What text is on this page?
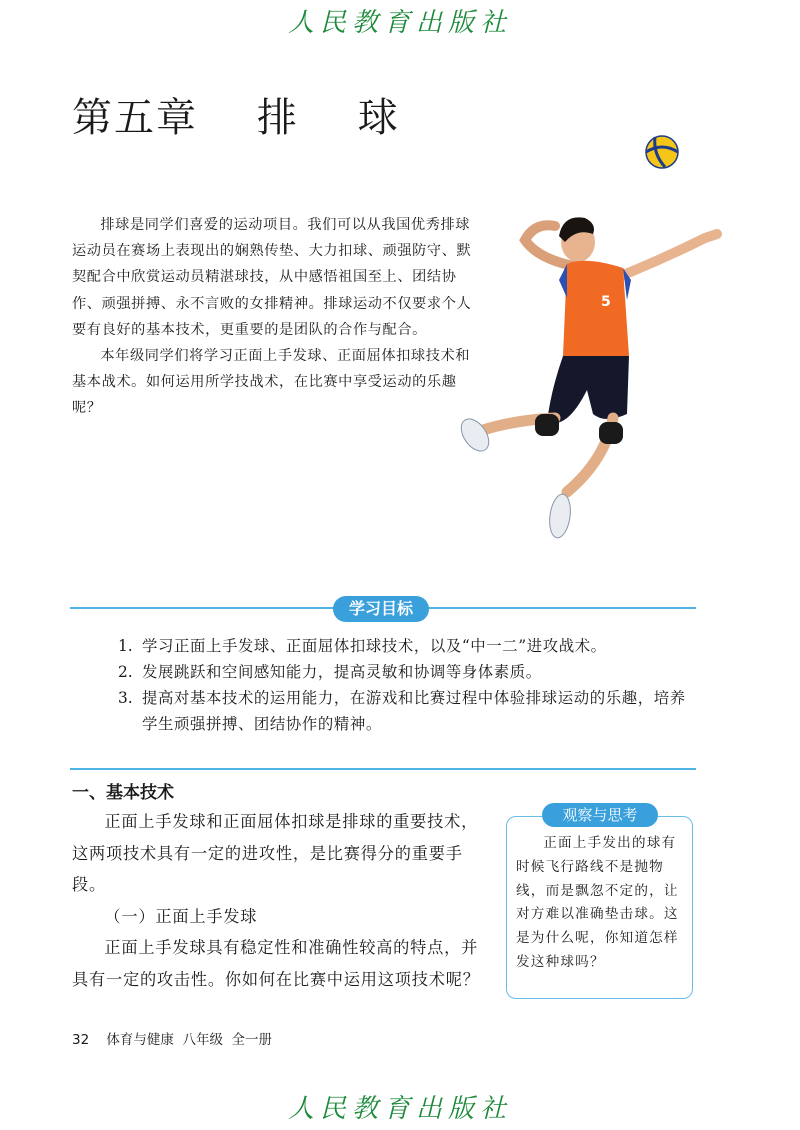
人民教育出版社
第五章    排    球

排球是同学们喜爱的运动项目。我们可以从我国优秀排球运动员在赛场上表现出的娴熟传垫、大力扣球、顽强防守、默契配合中欣赏运动员精湛球技，从中感悟祖国至上、团结协作、顽强拼搏、永不言败的女排精神。排球运动不仅要求个人要有良好的基本技术，更重要的是团队的合作与配合。

本年级同学们将学习正面上手发球、正面屈体扣球技术和基本战术。如何运用所学技战术，在比赛中享受运动的乐趣呢？

5
学习目标
1. 学习正面上手发球、正面屈体扣球技术，以及“中一二”进攻战术。
2. 发展跳跃和空间感知能力，提高灵敏和协调等身体素质。
3. 提高对基本技术的运用能力，在游戏和比赛过程中体验排球运动的乐趣，培养学生顽强拼搏、团结协作的精神。
一、基本技术

正面上手发球和正面屈体扣球是排球的重要技术，这两项技术具有一定的进攻性，是比赛得分的重要手段。

（一）正面上手发球

正面上手发球具有稳定性和准确性较高的特点，并具有一定的攻击性。你如何在比赛中运用这项技术呢？

观察与思考
正面上手发出的球有时候飞行路线不是抛物线，而是飘忽不定的，让对方难以准确垫击球。这是为什么呢，你知道怎样发这种球吗？
32 体育与健康  八年级  全一册
人民教育出版社
